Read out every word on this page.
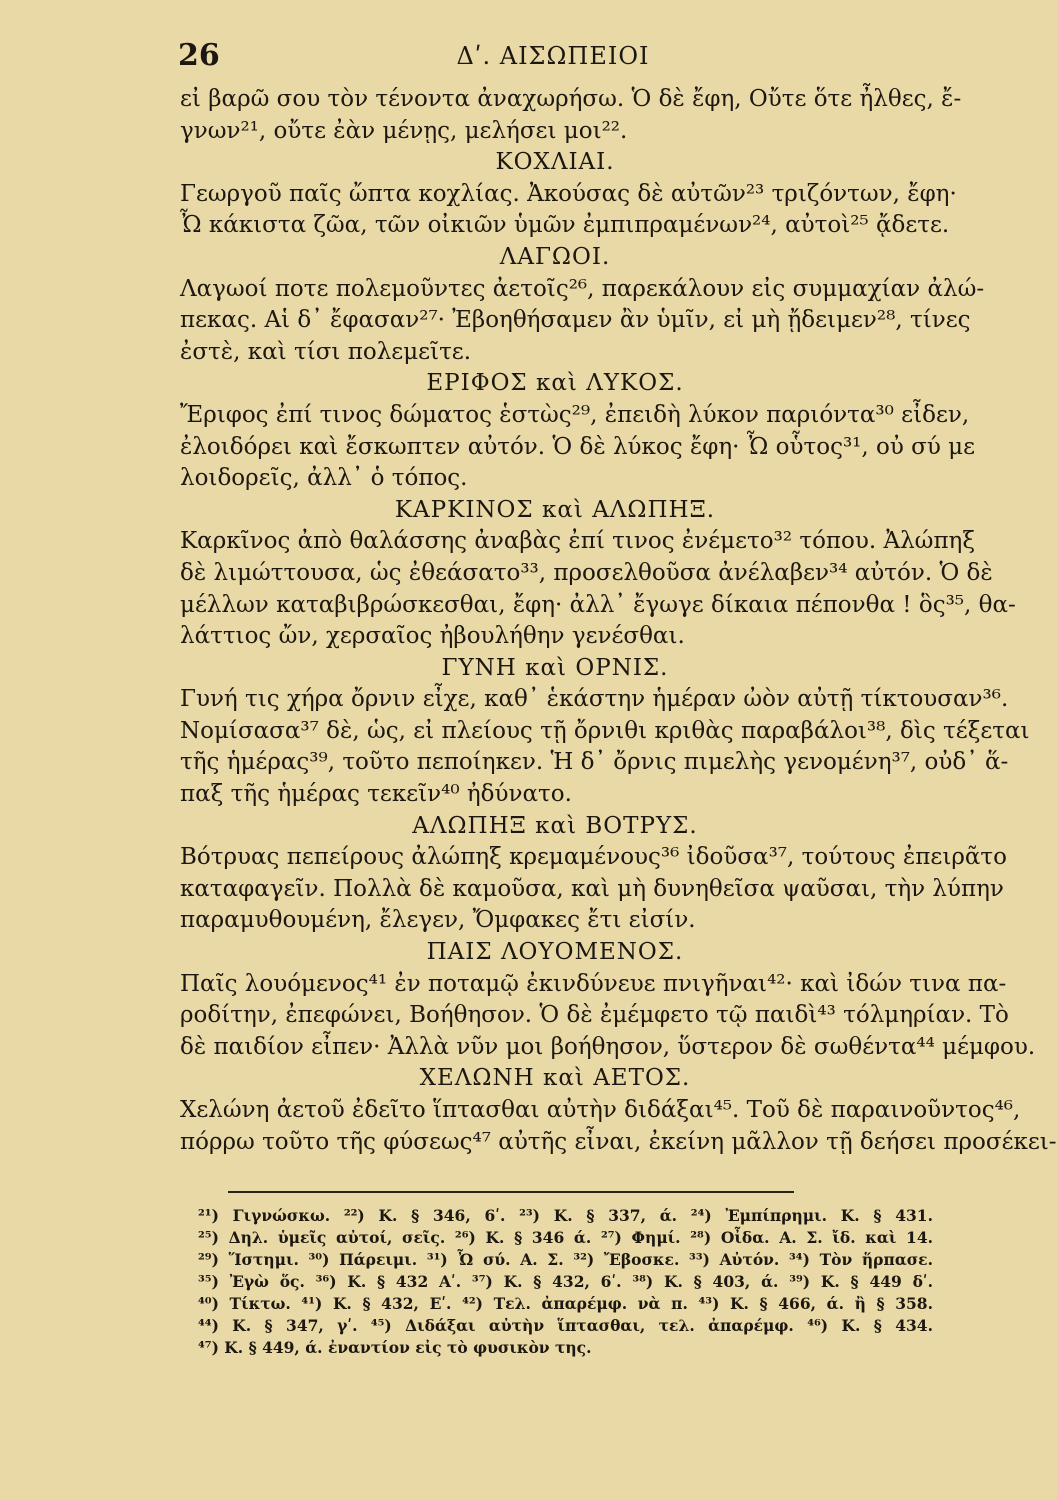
26	Δʹ. ΑΙΣΩΠΕΙΟΙ
εἰ βαρῶ σου τὸν τένοντα ἀναχωρήσω. Ὁ δὲ ἔφη, Οὔτε ὅτε ἦλθες, ἔ-
γνων²¹, οὔτε ἐὰν μένῃς, μελήσει μοι²².
ΚΟΧΛΙΑΙ.
Γεωργοῦ παῖς ὤπτα κοχλίας. Ἀκούσας δὲ αὐτῶν²³ τριζόντων, ἔφη·
Ὦ κάκιστα ζῶα, τῶν οἰκιῶν ὑμῶν ἐμπιπραμένων²⁴, αὐτοὶ²⁵ ᾄδετε.
ΛΑΓΩΟΙ.
Λαγωοί ποτε πολεμοῦντες ἀετοῖς²⁶, παρεκάλουν εἰς συμμαχίαν ἀλώ-
πεκας. Αἱ δ᾽ ἔφασαν²⁷· Ἐβοηθήσαμεν ἂν ὑμῖν, εἰ μὴ ᾔδειμεν²⁸, τίνες
ἐστὲ, καὶ τίσι πολεμεῖτε.
ΕΡΙΦΟΣ καὶ ΛΥΚΟΣ.
Ἔριφος ἐπί τινος δώματος ἑστὼς²⁹, ἐπειδὴ λύκον παριόντα³⁰ εἶδεν,
ἐλοιδόρει καὶ ἔσκωπτεν αὐτόν. Ὁ δὲ λύκος ἔφη· Ὦ οὗτος³¹, οὐ σύ με
λοιδορεῖς, ἀλλ᾽ ὁ τόπος.
ΚΑΡΚΙΝΟΣ καὶ ΑΛΩΠΗΞ.
Καρκῖνος ἀπὸ θαλάσσης ἀναβὰς ἐπί τινος ἐνέμετο³² τόπου. Ἀλώπηξ
δὲ λιμώττουσα, ὡς ἐθεάσατο³³, προσελθοῦσα ἀνέλαβεν³⁴ αὐτόν. Ὁ δὲ
μέλλων καταβιβρώσκεσθαι, ἔφη· ἀλλ᾽ ἔγωγε δίκαια πέπονθα ! ὃς³⁵, θα-
λάττιος ὤν, χερσαῖος ἠβουλήθην γενέσθαι.
ΓΥΝΗ καὶ ΟΡΝΙΣ.
Γυνή τις χήρα ὄρνιν εἶχε, καθ᾽ ἑκάστην ἡμέραν ὠὸν αὐτῇ τίκτουσαν³⁶.
Νομίσασα³⁷ δὲ, ὡς, εἰ πλείους τῇ ὄρνιθι κριθὰς παραβάλοι³⁸, δὶς τέξεται
τῆς ἡμέρας³⁹, τοῦτο πεποίηκεν. Ἡ δ᾽ ὄρνις πιμελὴς γενομένη³⁷, οὐδ᾽ ἅ-
παξ τῆς ἡμέρας τεκεῖν⁴⁰ ἠδύνατο.
ΑΛΩΠΗΞ καὶ ΒΟΤΡΥΣ.
Βότρυας πεπείρους ἀλώπηξ κρεμαμένους³⁶ ἰδοῦσα³⁷, τούτους ἐπειρᾶτο
καταφαγεῖν. Πολλὰ δὲ καμοῦσα, καὶ μὴ δυνηθεῖσα ψαῦσαι, τὴν λύπην
παραμυθουμένη, ἔλεγεν, Ὄμφακες ἔτι εἰσίν.
ΠΑΙΣ ΛΟΥΟΜΕΝΟΣ.
Παῖς λουόμενος⁴¹ ἐν ποταμῷ ἐκινδύνευε πνιγῆναι⁴²· καὶ ἰδών τινα πα-
ροδίτην, ἐπεφώνει, Βοήθησον. Ὁ δὲ ἐμέμφετο τῷ παιδὶ⁴³ τόλμηρίαν. Τὸ
δὲ παιδίον εἶπεν· Ἀλλὰ νῦν μοι βοήθησον, ὕστερον δὲ σωθέντα⁴⁴ μέμφου.
ΧΕΛΩΝΗ καὶ ΑΕΤΟΣ.
Χελώνη ἀετοῦ ἐδεῖτο ἵπτασθαι αὐτὴν διδάξαι⁴⁵. Τοῦ δὲ παραινοῦντος⁴⁶,
πόρρω τοῦτο τῆς φύσεως⁴⁷ αὐτῆς εἶναι, ἐκείνη μᾶλλον τῇ δεήσει προσέκει-
²¹) Γιγνώσκω. ²²) Κ. § 346, 6ʹ. ²³) Κ. § 337, ά. ²⁴) Ἐμπίπρημι. Κ. § 431.
²⁵) Δηλ. ὑμεῖς αὐτοί, σεῖς. ²⁶) Κ. § 346 ά. ²⁷) Φημί. ²⁸) Οἶδα. Α. Σ. ἴδ. καὶ 14.
²⁹) Ἵστημι. ³⁰) Πάρειμι. ³¹) Ὦ σύ. Α. Σ. ³²) Ἔβοσκε. ³³) Αὐτόν. ³⁴) Τὸν ἥρπασε.
³⁵) Ἐγὼ ὅς. ³⁶) Κ. § 432 Αʹ. ³⁷) Κ. § 432, 6ʹ. ³⁸) Κ. § 403, ά. ³⁹) Κ. § 449 δʹ.
⁴⁰) Τίκτω. ⁴¹) Κ. § 432, Εʹ. ⁴²) Τελ. ἀπαρέμφ. νὰ π. ⁴³) Κ. § 466, ά. ἢ § 358.
⁴⁴) Κ. § 347, γʹ. ⁴⁵) Διδάξαι αὐτὴν ἵπτασθαι, τελ. ἀπαρέμφ. ⁴⁶) Κ. § 434.
⁴⁷) Κ. § 449, ά. ἐναντίον εἰς τὸ φυσικὸν της.
